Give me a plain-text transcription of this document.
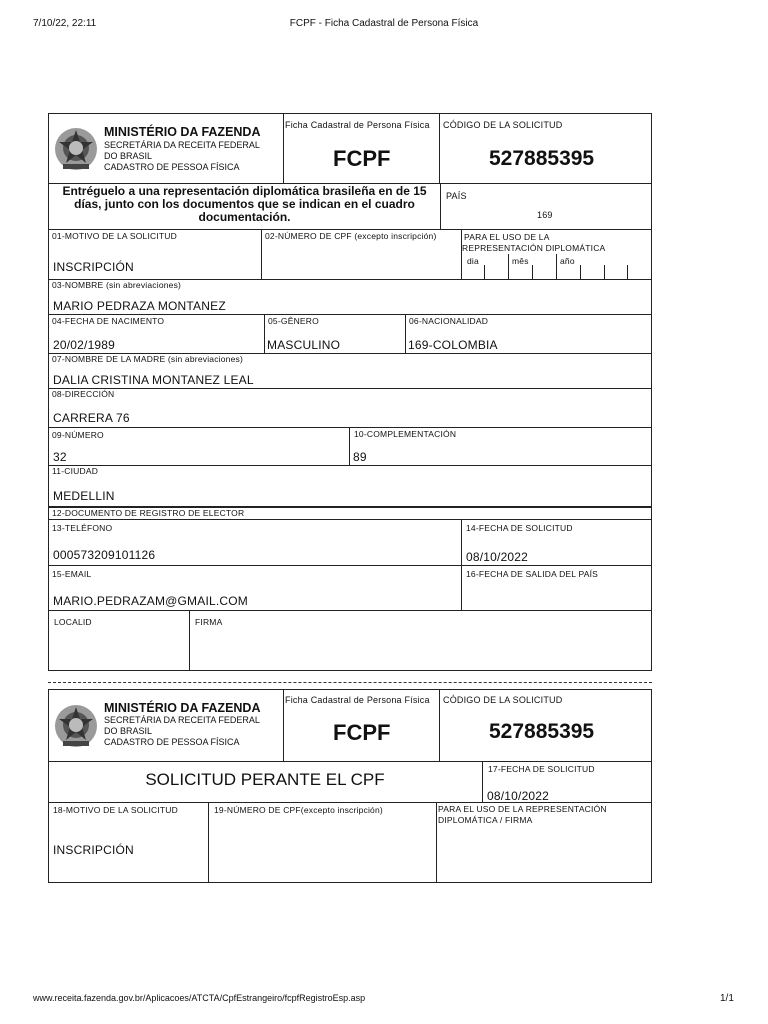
7/10/22, 22:11	FCPF - Ficha Cadastral de Persona Física
www.receita.fazenda.gov.br/Aplicacoes/ATCTA/CpfEstrangeiro/fcpfRegistroEsp.asp	1/1
MINISTÉRIO DA FAZENDA
SECRETÁRIA DA RECEITA FEDERAL
DO BRASIL
CADASTRO DE PESSOA FÍSICA
Ficha Cadastral de Persona Física
FCPF
CÓDIGO DE LA SOLICITUD
527885395
Entréguelo a una representación diplomática brasileña en de 15 días, junto con los documentos que se indican en el cuadro documentación.
PAÍS
169
01-MOTIVO DE LA SOLICITUD
INSCRIPCIÓN
02-NÚMERO DE CPF (excepto inscripción)	PARA EL USO DE LA
REPRESENTACIÓN DIPLOMÁTICA
dia	mês	año
03-NOMBRE (sin abreviaciones)
MARIO PEDRAZA MONTANEZ
04-FECHA DE NACIMENTO
20/02/1989
05-GÊNERO
MASCULINO
06-NACIONALIDAD
169-COLOMBIA
07-NOMBRE DE LA MADRE (sin abreviaciones)
DALIA CRISTINA MONTANEZ LEAL
08-DIRECCIÓN
CARRERA 76
09-NÚMERO
32
10-COMPLEMENTACIÓN
89
11-CIUDAD
MEDELLIN
12-DOCUMENTO DE REGISTRO DE ELECTOR
13-TELÉFONO
000573209101126
14-FECHA DE SOLICITUD
08/10/2022
15-EMAIL
MARIO.PEDRAZAM@GMAIL.COM
16-FECHA DE SALIDA DEL PAÍS
LOCALID	FIRMA
MINISTÉRIO DA FAZENDA
SECRETÁRIA DA RECEITA FEDERAL
DO BRASIL
CADASTRO DE PESSOA FÍSICA
Ficha Cadastral de Persona Física
FCPF
CÓDIGO DE LA SOLICITUD
527885395
SOLICITUD PERANTE EL CPF
17-FECHA DE SOLICITUD
08/10/2022
18-MOTIVO DE LA SOLICITUD
INSCRIPCIÓN
19-NÚMERO DE CPF(excepto inscripción)	PARA EL USO DE LA REPRESENTACIÓN
DIPLOMÁTICA / FIRMA
